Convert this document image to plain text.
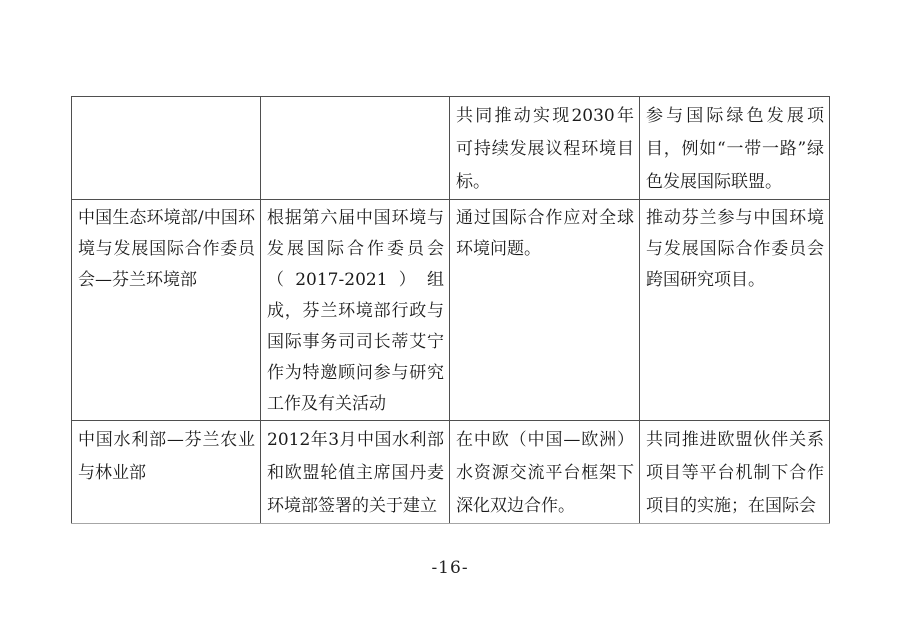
		共同推动实现2030年可持续发展议程环境目标。	参与国际绿色发展项目，例如“一带一路”绿色发展国际联盟。
中国生态环境部/中国环境与发展国际合作委员会—芬兰环境部	根据第六届中国环境与发展国际合作委员会（2017-2021）组成，芬兰环境部行政与国际事务司司长蒂艾宁作为特邀顾问参与研究工作及有关活动	通过国际合作应对全球环境问题。	推动芬兰参与中国环境与发展国际合作委员会跨国研究项目。
中国水利部—芬兰农业与林业部	2012年3月中国水利部和欧盟轮值主席国丹麦环境部签署的关于建立	在中欧（中国—欧洲）水资源交流平台框架下深化双边合作。	共同推进欧盟伙伴关系项目等平台机制下合作项目的实施；在国际会
-16-
